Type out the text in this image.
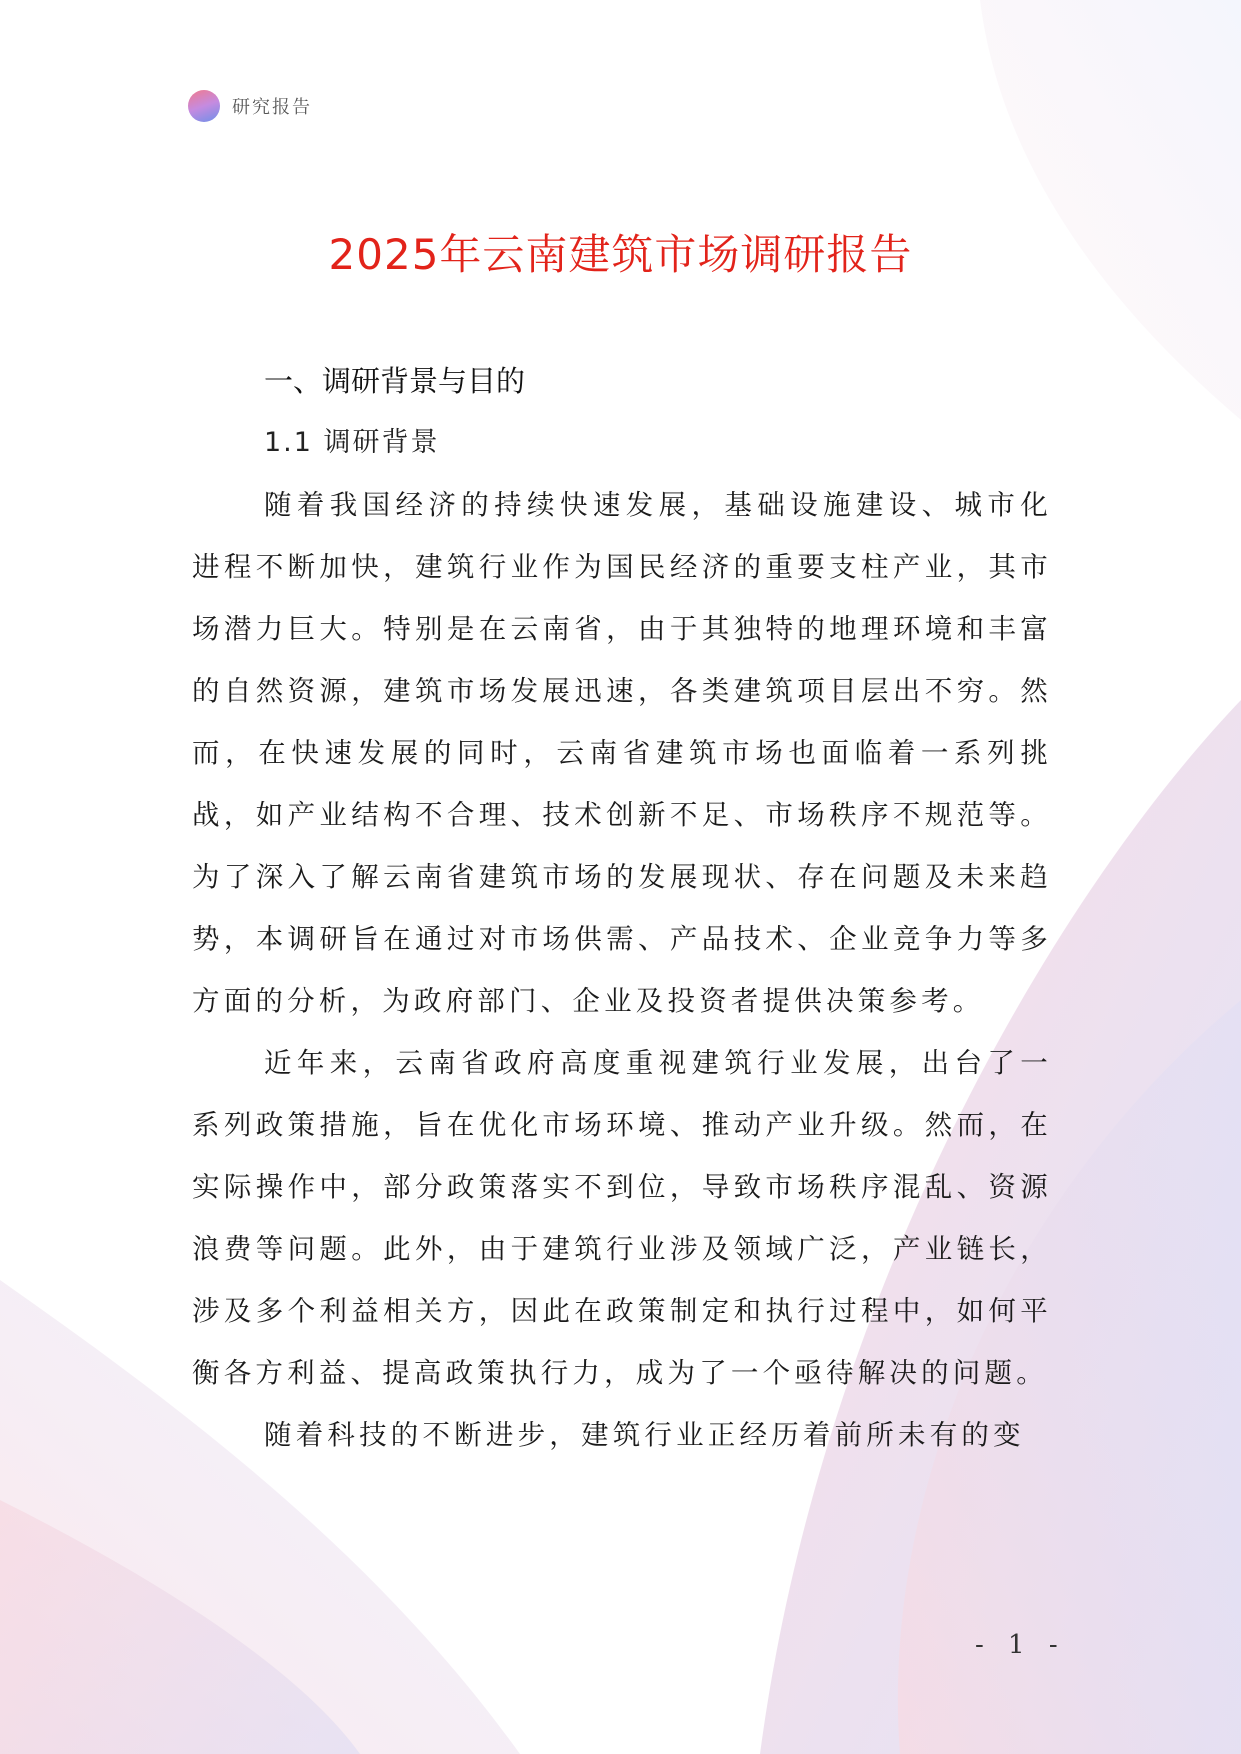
研究报告
2025年云南建筑市场调研报告
一、调研背景与目的
1.1 调研背景

随着我国经济的持续快速发展，基础设施建设、城市化进程不断加快，建筑行业作为国民经济的重要支柱产业，其市场潜力巨大。特别是在云南省，由于其独特的地理环境和丰富的自然资源，建筑市场发展迅速，各类建筑项目层出不穷。然而，在快速发展的同时，云南省建筑市场也面临着一系列挑战，如产业结构不合理、技术创新不足、市场秩序不规范等。为了深入了解云南省建筑市场的发展现状、存在问题及未来趋势，本调研旨在通过对市场供需、产品技术、企业竞争力等多方面的分析，为政府部门、企业及投资者提供决策参考。

近年来，云南省政府高度重视建筑行业发展，出台了一系列政策措施，旨在优化市场环境、推动产业升级。然而，在实际操作中，部分政策落实不到位，导致市场秩序混乱、资源浪费等问题。此外，由于建筑行业涉及领域广泛，产业链长，涉及多个利益相关方，因此在政策制定和执行过程中，如何平衡各方利益、提高政策执行力，成为了一个亟待解决的问题。

随着科技的不断进步，建筑行业正经历着前所未有的变

- 1 -
